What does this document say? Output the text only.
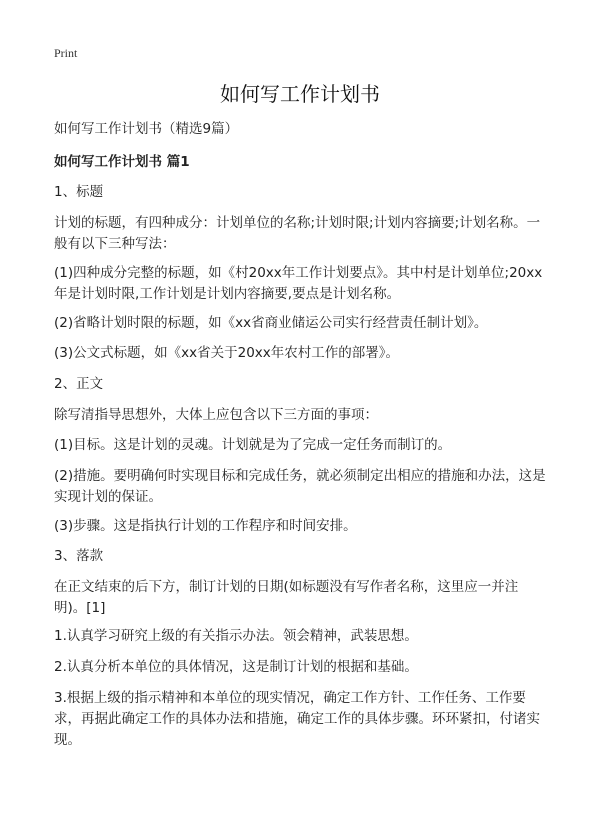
Print
如何写工作计划书
如何写工作计划书（精选9篇）
如何写工作计划书 篇1
1、标题
计划的标题，有四种成分：计划单位的名称;计划时限;计划内容摘要;计划名称。一般有以下三种写法：
(1)四种成分完整的标题，如《村20xx年工作计划要点》。其中村是计划单位;20xx年是计划时限,工作计划是计划内容摘要,要点是计划名称。
(2)省略计划时限的标题，如《xx省商业储运公司实行经营责任制计划》。
(3)公文式标题，如《xx省关于20xx年农村工作的部署》。
2、正文
除写清指导思想外，大体上应包含以下三方面的事项：
(1)目标。这是计划的灵魂。计划就是为了完成一定任务而制订的。
(2)措施。要明确何时实现目标和完成任务，就必须制定出相应的措施和办法，这是实现计划的保证。
(3)步骤。这是指执行计划的工作程序和时间安排。
3、落款
在正文结束的后下方，制订计划的日期(如标题没有写作者名称，这里应一并注明)。[1]
1.认真学习研究上级的有关指示办法。领会精神，武装思想。
2.认真分析本单位的具体情况，这是制订计划的根据和基础。
3.根据上级的指示精神和本单位的现实情况，确定工作方针、工作任务、工作要求，再据此确定工作的具体办法和措施，确定工作的具体步骤。环环紧扣，付诸实现。
